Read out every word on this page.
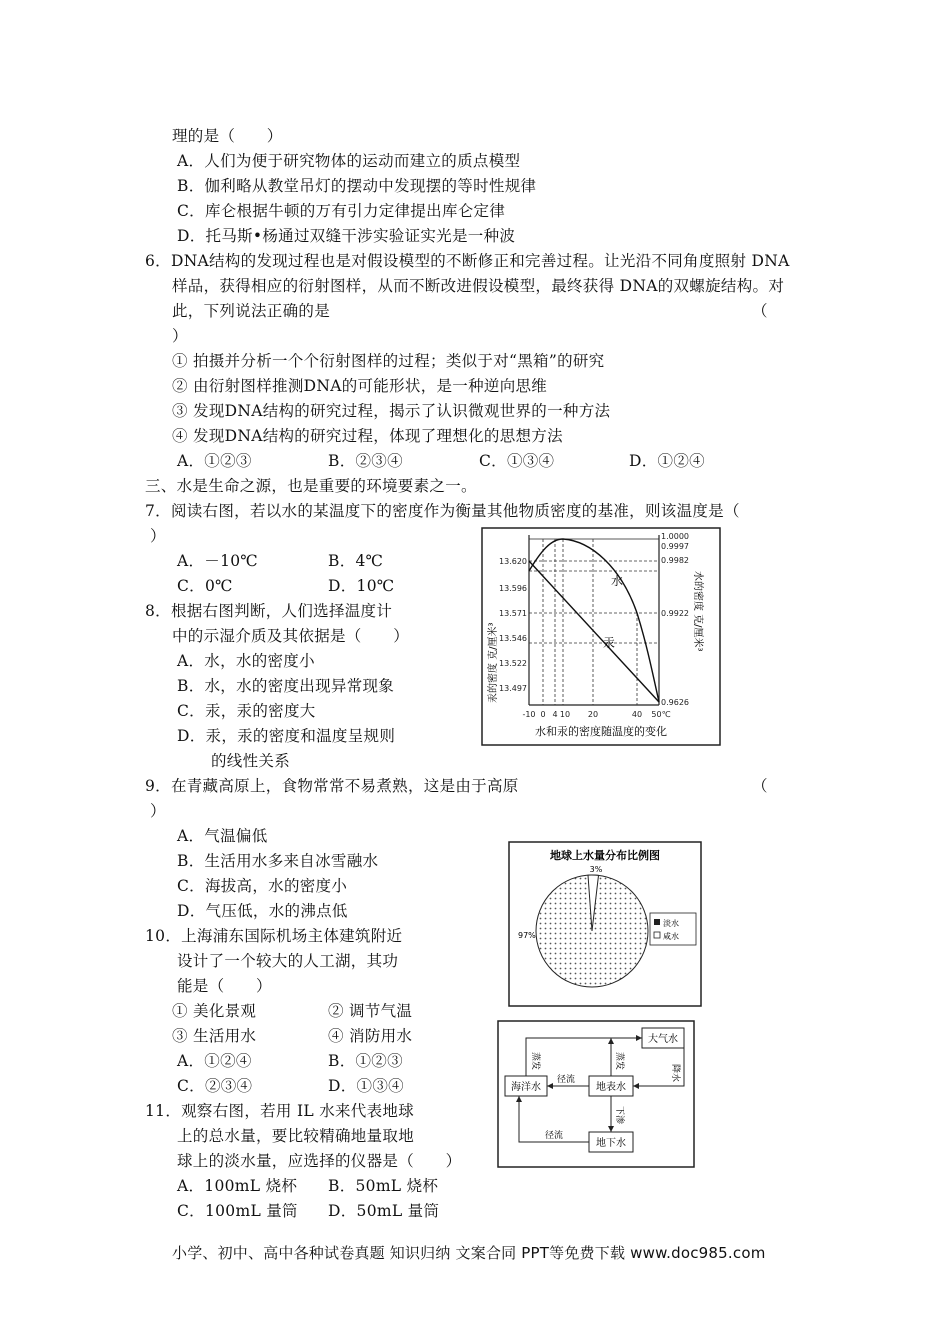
理的是（　　）
A．人们为便于研究物体的运动而建立的质点模型
B．伽利略从教堂吊灯的摆动中发现摆的等时性规律
C．库仑根据牛顿的万有引力定律提出库仑定律
D．托马斯•杨通过双缝干涉实验证实光是一种波
6．DNA结构的发现过程也是对假设模型的不断修正和完善过程。让光沿不同角度照射 DNA
样品，获得相应的衍射图样，从而不断改进假设模型，最终获得 DNA的双螺旋结构。对
此，下列说法正确的是	（
）
① 拍摄并分析一个个衍射图样的过程；类似于对“黑箱”的研究
② 由衍射图样推测DNA的可能形状，是一种逆向思维
③ 发现DNA结构的研究过程，揭示了认识微观世界的一种方法
④ 发现DNA结构的研究过程，体现了理想化的思想方法
A．①②③	B．②③④	C．①③④	D．①②④
三、水是生命之源，也是重要的环境要素之一。
7．阅读右图，若以水的某温度下的密度作为衡量其他物质密度的基准，则该温度是（
）
A．－10℃	B．4℃
C．0℃	D．10℃
8．根据右图判断，人们选择温度计
中的示湿介质及其依据是（　　）
A．水，水的密度小
B．水，水的密度出现异常现象
C．汞，汞的密度大
D．汞，汞的密度和温度呈规则
的线性关系
9．在青藏高原上，食物常常不易煮熟，这是由于高原	（
）
A．气温偏低
B．生活用水多来自冰雪融水
C．海拔高，水的密度小
D．气压低，水的沸点低
10．上海浦东国际机场主体建筑附近
设计了一个较大的人工湖，其功
能是（　　）
① 美化景观	② 调节气温
③ 生活用水	④ 消防用水
A．①②④	B．①②③
C．②③④	D．①③④
11．观察右图，若用 IL 水来代表地球
上的总水量，要比较精确地量取地
球上的淡水量，应选择的仪器是（　　）
A．100mL 烧杯 B．50mL 烧杯
C．100mL 量筒 D．50mL 量筒
水
汞
13.620
13.596
13.571
13.546
13.522
13.497
1.0000
0.9997
0.9982
0.9922
0.9626
-10 0 4 10 20	40 50℃
汞的密度 克/厘米³
水的密度 克/厘米³
水和汞的密度随温度的变化
地球上水量分布比例图
3%
97%
淡水
咸水
大气水
地表水
海洋水
地下水
蒸发	蒸发
径流	降水
下渗
径流
小学、初中、高中各种试卷真题 知识归纳 文案合同 PPT等免费下载 www.doc985.com
